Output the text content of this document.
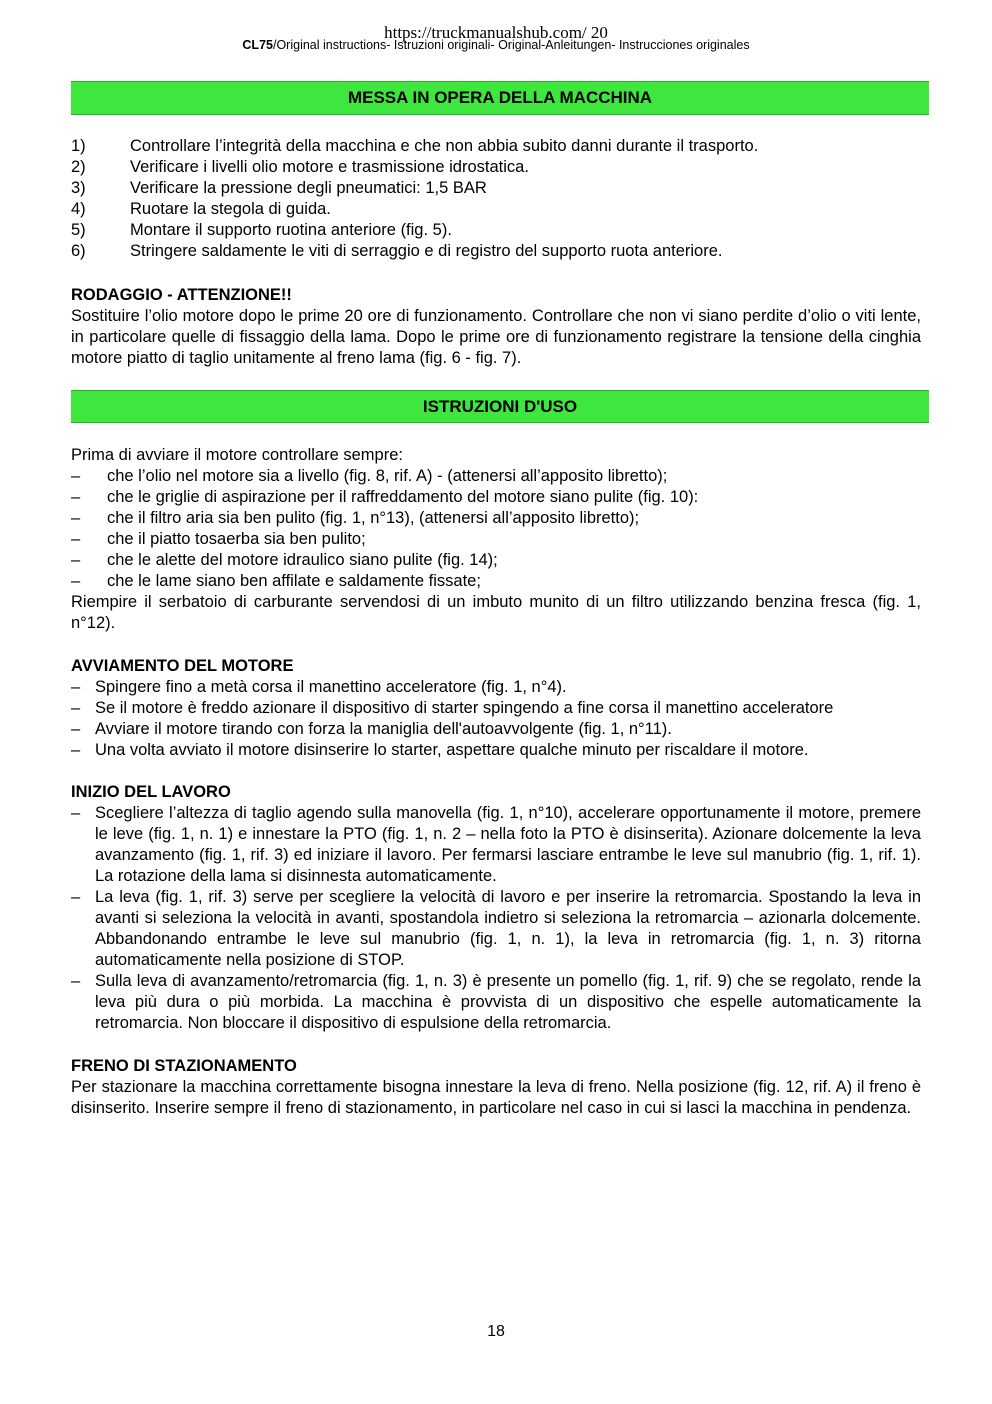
https://truckmanualshub.com/ 20
CL75/Original instructions- Istruzioni originali- Original-Anleitungen- Instrucciones originales
MESSA IN OPERA DELLA MACCHINA
1)	Controllare l’integrità della macchina e che non abbia subito danni durante il trasporto.
2)	Verificare i livelli olio motore e trasmissione idrostatica.
3)	Verificare la pressione degli pneumatici: 1,5 BAR
4)	Ruotare la stegola di guida.
5)	Montare il supporto ruotina anteriore (fig. 5).
6)	Stringere saldamente le viti di serraggio e di registro del supporto ruota anteriore.
RODAGGIO - ATTENZIONE!!
Sostituire l’olio motore dopo le prime 20 ore di funzionamento. Controllare che non vi siano perdite d’olio o viti lente, in particolare quelle di fissaggio della lama. Dopo le prime ore di funzionamento registrare la tensione della cinghia motore piatto di taglio unitamente al freno lama (fig. 6 - fig. 7).
ISTRUZIONI D'USO
Prima di avviare il motore controllare sempre:
–	che l’olio nel motore sia a livello (fig. 8, rif. A) - (attenersi all’apposito libretto);
–	che le griglie di aspirazione per il raffreddamento del motore siano pulite (fig. 10):
–	che il filtro aria sia ben pulito (fig. 1, n°13), (attenersi all’apposito libretto);
–	che il piatto tosaerba sia ben pulito;
–	che le alette del motore idraulico siano pulite (fig. 14);
–	che le lame siano ben affilate e saldamente fissate;
Riempire il serbatoio di carburante servendosi di un imbuto munito di un filtro utilizzando benzina fresca (fig. 1, n°12).
AVVIAMENTO DEL MOTORE
– Spingere fino a metà corsa il manettino acceleratore (fig. 1, n°4).
– Se il motore è freddo azionare il dispositivo di starter spingendo a fine corsa il manettino acceleratore
– Avviare il motore tirando con forza la maniglia dell'autoavvolgente (fig. 1, n°11).
– Una volta avviato il motore disinserire lo starter, aspettare qualche minuto per riscaldare il motore.
INIZIO DEL LAVORO
– Scegliere l’altezza di taglio agendo sulla manovella (fig. 1, n°10), accelerare opportunamente il motore, premere le leve (fig. 1, n. 1) e innestare la PTO (fig. 1, n. 2 – nella foto la PTO è disinserita). Azionare dolcemente la leva avanzamento (fig. 1, rif. 3) ed iniziare il lavoro. Per fermarsi lasciare entrambe le leve sul manubrio (fig. 1, rif. 1). La rotazione della lama si disinnesta automaticamente.
– La leva (fig. 1, rif. 3) serve per scegliere la velocità di lavoro e per inserire la retromarcia. Spostando la leva in avanti si seleziona la velocità in avanti, spostandola indietro si seleziona la retromarcia – azionarla dolcemente. Abbandonando entrambe le leve sul manubrio (fig. 1, n. 1), la leva in retromarcia (fig. 1, n. 3) ritorna automaticamente nella posizione di STOP.
– Sulla leva di avanzamento/retromarcia (fig. 1, n. 3) è presente un pomello (fig. 1, rif. 9) che se regolato, rende la leva più dura o più morbida. La macchina è provvista di un dispositivo che espelle automaticamente la retromarcia. Non bloccare il dispositivo di espulsione della retromarcia.
FRENO DI STAZIONAMENTO
Per stazionare la macchina correttamente bisogna innestare la leva di freno. Nella posizione (fig. 12, rif. A) il freno è disinserito. Inserire sempre il freno di stazionamento, in particolare nel caso in cui si lasci la macchina in pendenza.
18
